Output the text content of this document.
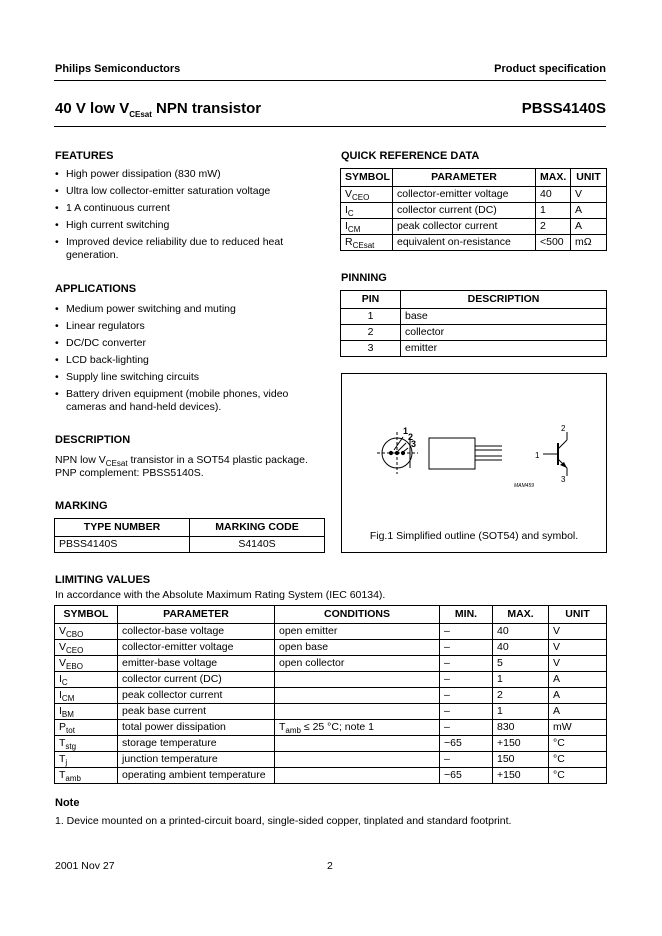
Philips Semiconductors	Product specification
40 V low $V_{CEsat}$ NPN transistor	PBSS4140S
FEATURES
• High power dissipation (830 mW)
• Ultra low collector-emitter saturation voltage
• 1 A continuous current
• High current switching
• Improved device reliability due to reduced heat generation.
APPLICATIONS
• Medium power switching and muting
• Linear regulators
• DC/DC converter
• LCD back-lighting
• Supply line switching circuits
• Battery driven equipment (mobile phones, video cameras and hand-held devices).
DESCRIPTION
NPN low $V_{CEsat}$ transistor in a SOT54 plastic package.
PNP complement: PBSS5140S.
MARKING
TYPE NUMBER	MARKING CODE
PBSS4140S	S4140S
QUICK REFERENCE DATA
SYMBOL	PARAMETER	MAX.	UNIT
$V_{CEO}$	collector-emitter voltage	40	V
$I_C$	collector current (DC)	1	A
$I_{CM}$	peak collector current	2	A
$R_{CEsat}$	equivalent on-resistance	<500	mΩ
PINNING
PIN	DESCRIPTION
1	base
2	collector
3	emitter
1
2
3
1
2
3
MAM459
Fig.1 Simplified outline (SOT54) and symbol.
LIMITING VALUES
In accordance with the Absolute Maximum Rating System (IEC 60134).
SYMBOL	PARAMETER	CONDITIONS	MIN.	MAX.	UNIT
$V_{CBO}$	collector-base voltage	open emitter	–	40	V
$V_{CEO}$	collector-emitter voltage	open base	–	40	V
$V_{EBO}$	emitter-base voltage	open collector	–	5	V
$I_C$	collector current (DC)		–	1	A
$I_{CM}$	peak collector current		–	2	A
$I_{BM}$	peak base current		–	1	A
$P_{tot}$	total power dissipation	$T_{amb} \le 25$ °C; note 1	–	830	mW
$T_{stg}$	storage temperature		−65	+150	°C
$T_j$	junction temperature		–	150	°C
$T_{amb}$	operating ambient temperature		−65	+150	°C
Note
1. Device mounted on a printed-circuit board, single-sided copper, tinplated and standard footprint.
2001 Nov 27	2
